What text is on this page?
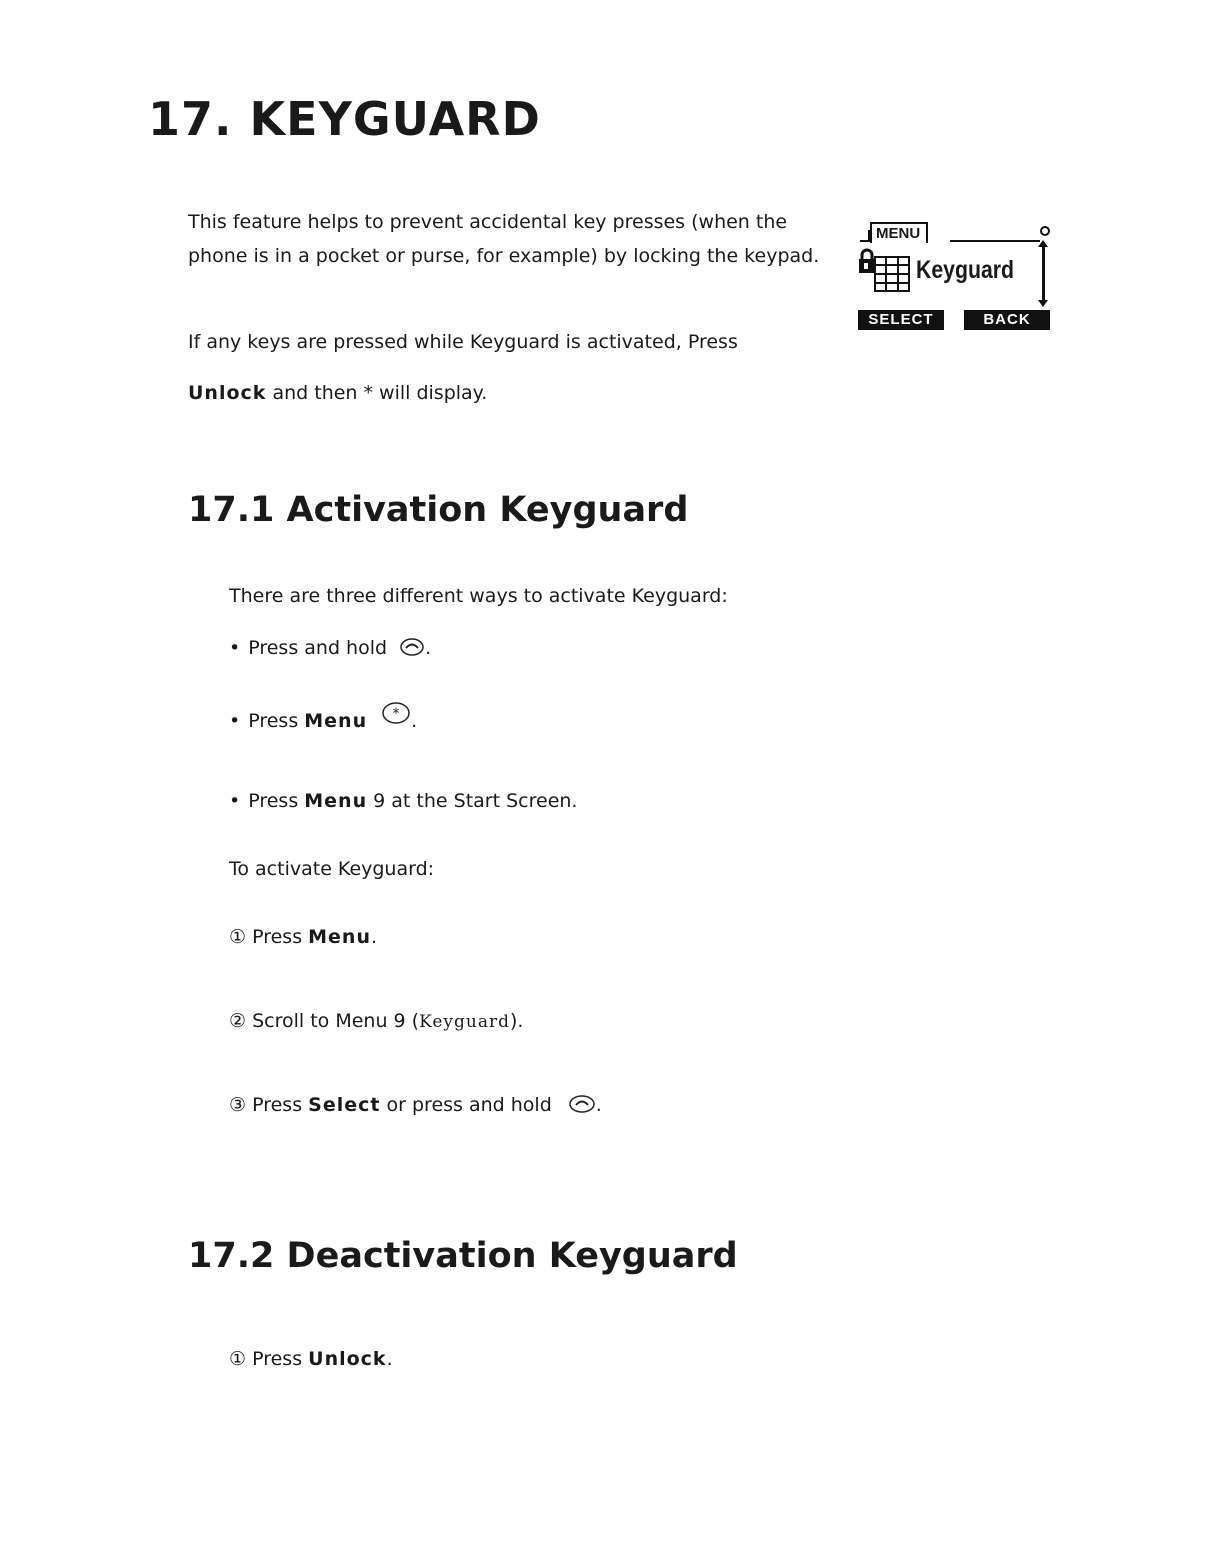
17. KEYGUARD

This feature helps to prevent accidental key presses (when the phone is in a pocket or purse, for example) by locking the keypad.

If any keys are pressed while Keyguard is activated, Press

Unlock and then * will display.

MENU
Keyguard
SELECT	BACK
17.1 Activation Keyguard

There are three different ways to activate Keyguard:

• Press and hold .

• Press Menu * .

• Press Menu 9 at the Start Screen.

To activate Keyguard:

① Press Menu.

② Scroll to Menu 9 (Keyguard).

③ Press Select or press and hold .

17.2 Deactivation Keyguard

① Press Unlock.
